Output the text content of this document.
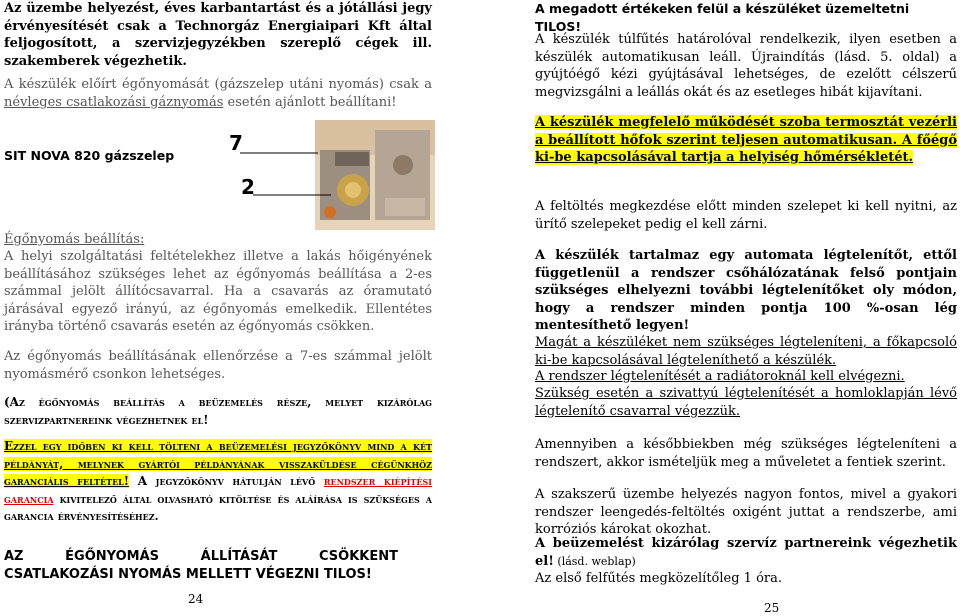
Az üzembe helyezést, éves karbantartást és a jótállási jegy érvényesítését csak a Technorgáz Energiaipari Kft által feljogosított, a szervizjegyzékben szereplő cégek ill. szakemberek végezhetik.

A készülék előírt égőnyomását (gázszelep utáni nyomás) csak a névleges csatlakozási gáznyomás esetén ajánlott beállítani!

SIT NOVA 820 gázszelep

7
2

Égőnyomás beállítás:

A helyi szolgáltatási feltételekhez illetve a lakás hőigényének beállításához szükséges lehet az égőnyomás beállítása a 2-es számmal jelölt állítócsavarral. Ha a csavarás az óramutató járásával egyező irányú, az égőnyomás emelkedik. Ellentétes irányba történő csavarás esetén az égőnyomás csökken.

Az égőnyomás beállításának ellenőrzése a 7-es számmal jelölt nyomásmérő csonkon lehetséges.

(Az égőnyomás beállítás a beüzemelés része, melyet kizárólag szervizpartnereink végezhetnek el!

Ezzel egy időben ki kell tölteni a beüzemelési jegyzőkönyv mind a két példányát, melynek gyártói példányának visszaküldése cégünkhöz garanciális feltétel! A jegyzőkönyv hátulján lévő rendszer kiépítési garancia kivitelező által olvasható kitöltése és aláírása is szükséges a garancia érvényesítéséhez.

AZ ÉGŐNYOMÁS ÁLLÍTÁSÁT CSÖKKENT CSATLAKOZÁSI NYOMÁS MELLETT VÉGEZNI TILOS!

24

A megadott értékeken felül a készüléket üzemeltetni TILOS!

A készülék túlfűtés határolóval rendelkezik, ilyen esetben a készülék automatikusan leáll. Újraindítás (lásd. 5. oldal) a gyújtóégő kézi gyújtásával lehetséges, de ezelőtt célszerű megvizsgálni a leállás okát és az esetleges hibát kijavítani.

A készülék megfelelő működését szoba termosztát vezérli a beállított hőfok szerint teljesen automatikusan. A főégő ki-be kapcsolásával tartja a helyiség hőmérsékletét.

A feltöltés megkezdése előtt minden szelepet ki kell nyitni, az ürítő szelepeket pedig el kell zárni.

A készülék tartalmaz egy automata légtelenítőt, ettől függetlenül a rendszer csőhálózatának felső pontjain szükséges elhelyezni további légtelenítőket oly módon, hogy a rendszer minden pontja 100 %-osan lég mentesíthető legyen!

Magát a készüléket nem szükséges légteleníteni, a főkapcsoló ki-be kapcsolásával légteleníthető a készülék.

A rendszer légtelenítését a radiátoroknál kell elvégezni.

Szükség esetén a szivattyú légtelenítését a homloklapján lévő légtelenítő csavarral végezzük.

Amennyiben a későbbiekben még szükséges légteleníteni a rendszert, akkor ismételjük meg a műveletet a fentiek szerint.

A szakszerű üzembe helyezés nagyon fontos, mivel a gyakori rendszer leengedés-feltöltés oxigént juttat a rendszerbe, ami korróziós károkat okozhat.

A beüzemelést kizárólag szervíz partnereink végezhetik el! (lásd. weblap)

Az első felfűtés megközelítőleg 1 óra.

25
